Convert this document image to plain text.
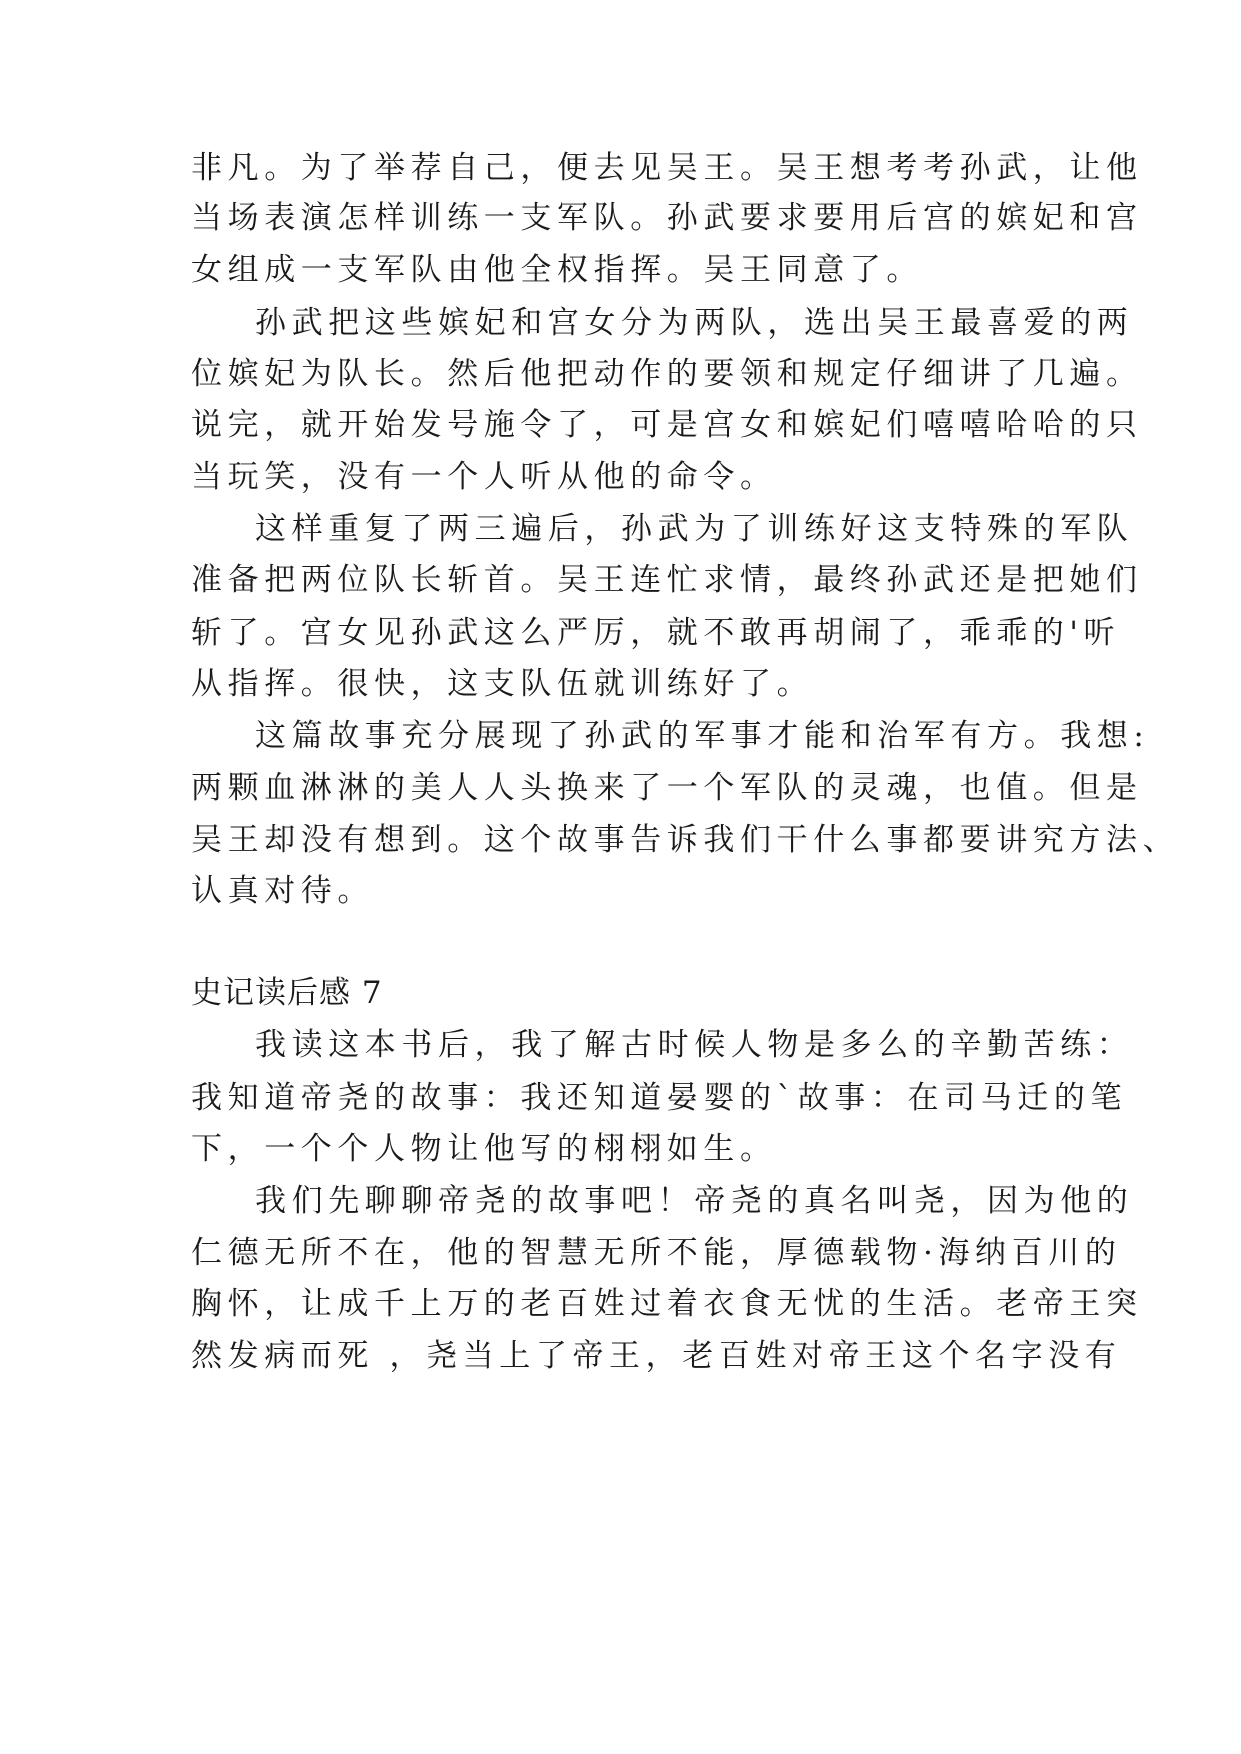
非凡。为了举荐自己，便去见吴王。吴王想考考孙武，让他
当场表演怎样训练一支军队。孙武要求要用后宫的嫔妃和宫
女组成一支军队由他全权指挥。吴王同意了。
孙武把这些嫔妃和宫女分为两队，选出吴王最喜爱的两
位嫔妃为队长。然后他把动作的要领和规定仔细讲了几遍。
说完，就开始发号施令了，可是宫女和嫔妃们嘻嘻哈哈的只
当玩笑，没有一个人听从他的命令。
这样重复了两三遍后，孙武为了训练好这支特殊的军队
准备把两位队长斩首。吴王连忙求情，最终孙武还是把她们
斩了。宫女见孙武这么严厉，就不敢再胡闹了，乖乖的'听
从指挥。很快，这支队伍就训练好了。
这篇故事充分展现了孙武的军事才能和治军有方。我想:
两颗血淋淋的美人人头换来了一个军队的灵魂，也值。但是
吴王却没有想到。这个故事告诉我们干什么事都要讲究方法、
认真对待。
史记读后感 7
我读这本书后，我了解古时候人物是多么的辛勤苦练：
我知道帝尧的故事：我还知道晏婴的`故事：在司马迁的笔
下，一个个人物让他写的栩栩如生。
我们先聊聊帝尧的故事吧！帝尧的真名叫尧，因为他的
仁德无所不在，他的智慧无所不能，厚德载物·海纳百川的
胸怀，让成千上万的老百姓过着衣食无忧的生活。老帝王突
然发病而死 ，尧当上了帝王，老百姓对帝王这个名字没有
